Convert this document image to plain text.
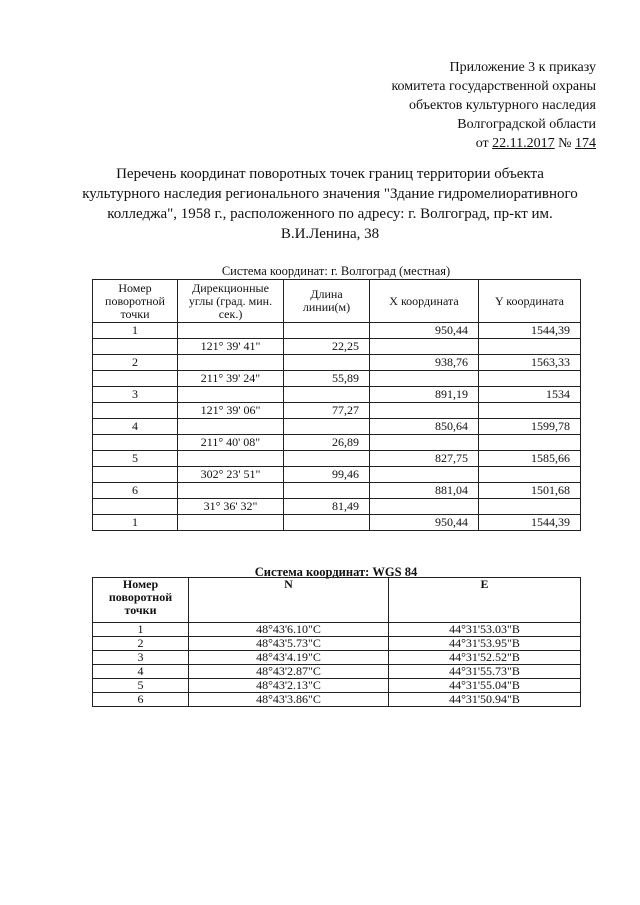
Приложение 3 к приказу
комитета государственной охраны
объектов культурного наследия
Волгоградской области
от 22.11.2017 № 174
Перечень координат поворотных точек границ территории объекта
культурного наследия регионального значения "Здание гидромелиоративного
колледжа", 1958 г., расположенного по адресу: г. Волгоград, пр-кт им.
В.И.Ленина, 38
Система координат: г. Волгоград (местная)
Номер поворотной точки	Дирекционные углы (град. мин. сек.)	Длина линии(м)	X координата	Y координата
1			950,44	1544,39
	121° 39' 41"	22,25		
2			938,76	1563,33
	211° 39' 24"	55,89		
3			891,19	1534
	121° 39' 06"	77,27		
4			850,64	1599,78
	211° 40' 08"	26,89		
5			827,75	1585,66
	302° 23' 51"	99,46		
6			881,04	1501,68
	31° 36' 32"	81,49		
1			950,44	1544,39
Система координат: WGS 84
Номер поворотной точки	N	E
1	48°43'6.10"С	44°31'53.03"В
2	48°43'5.73"С	44°31'53.95"В
3	48°43'4.19"С	44°31'52.52"В
4	48°43'2.87"С	44°31'55.73"В
5	48°43'2.13"С	44°31'55.04"В
6	48°43'3.86"С	44°31'50.94"В
